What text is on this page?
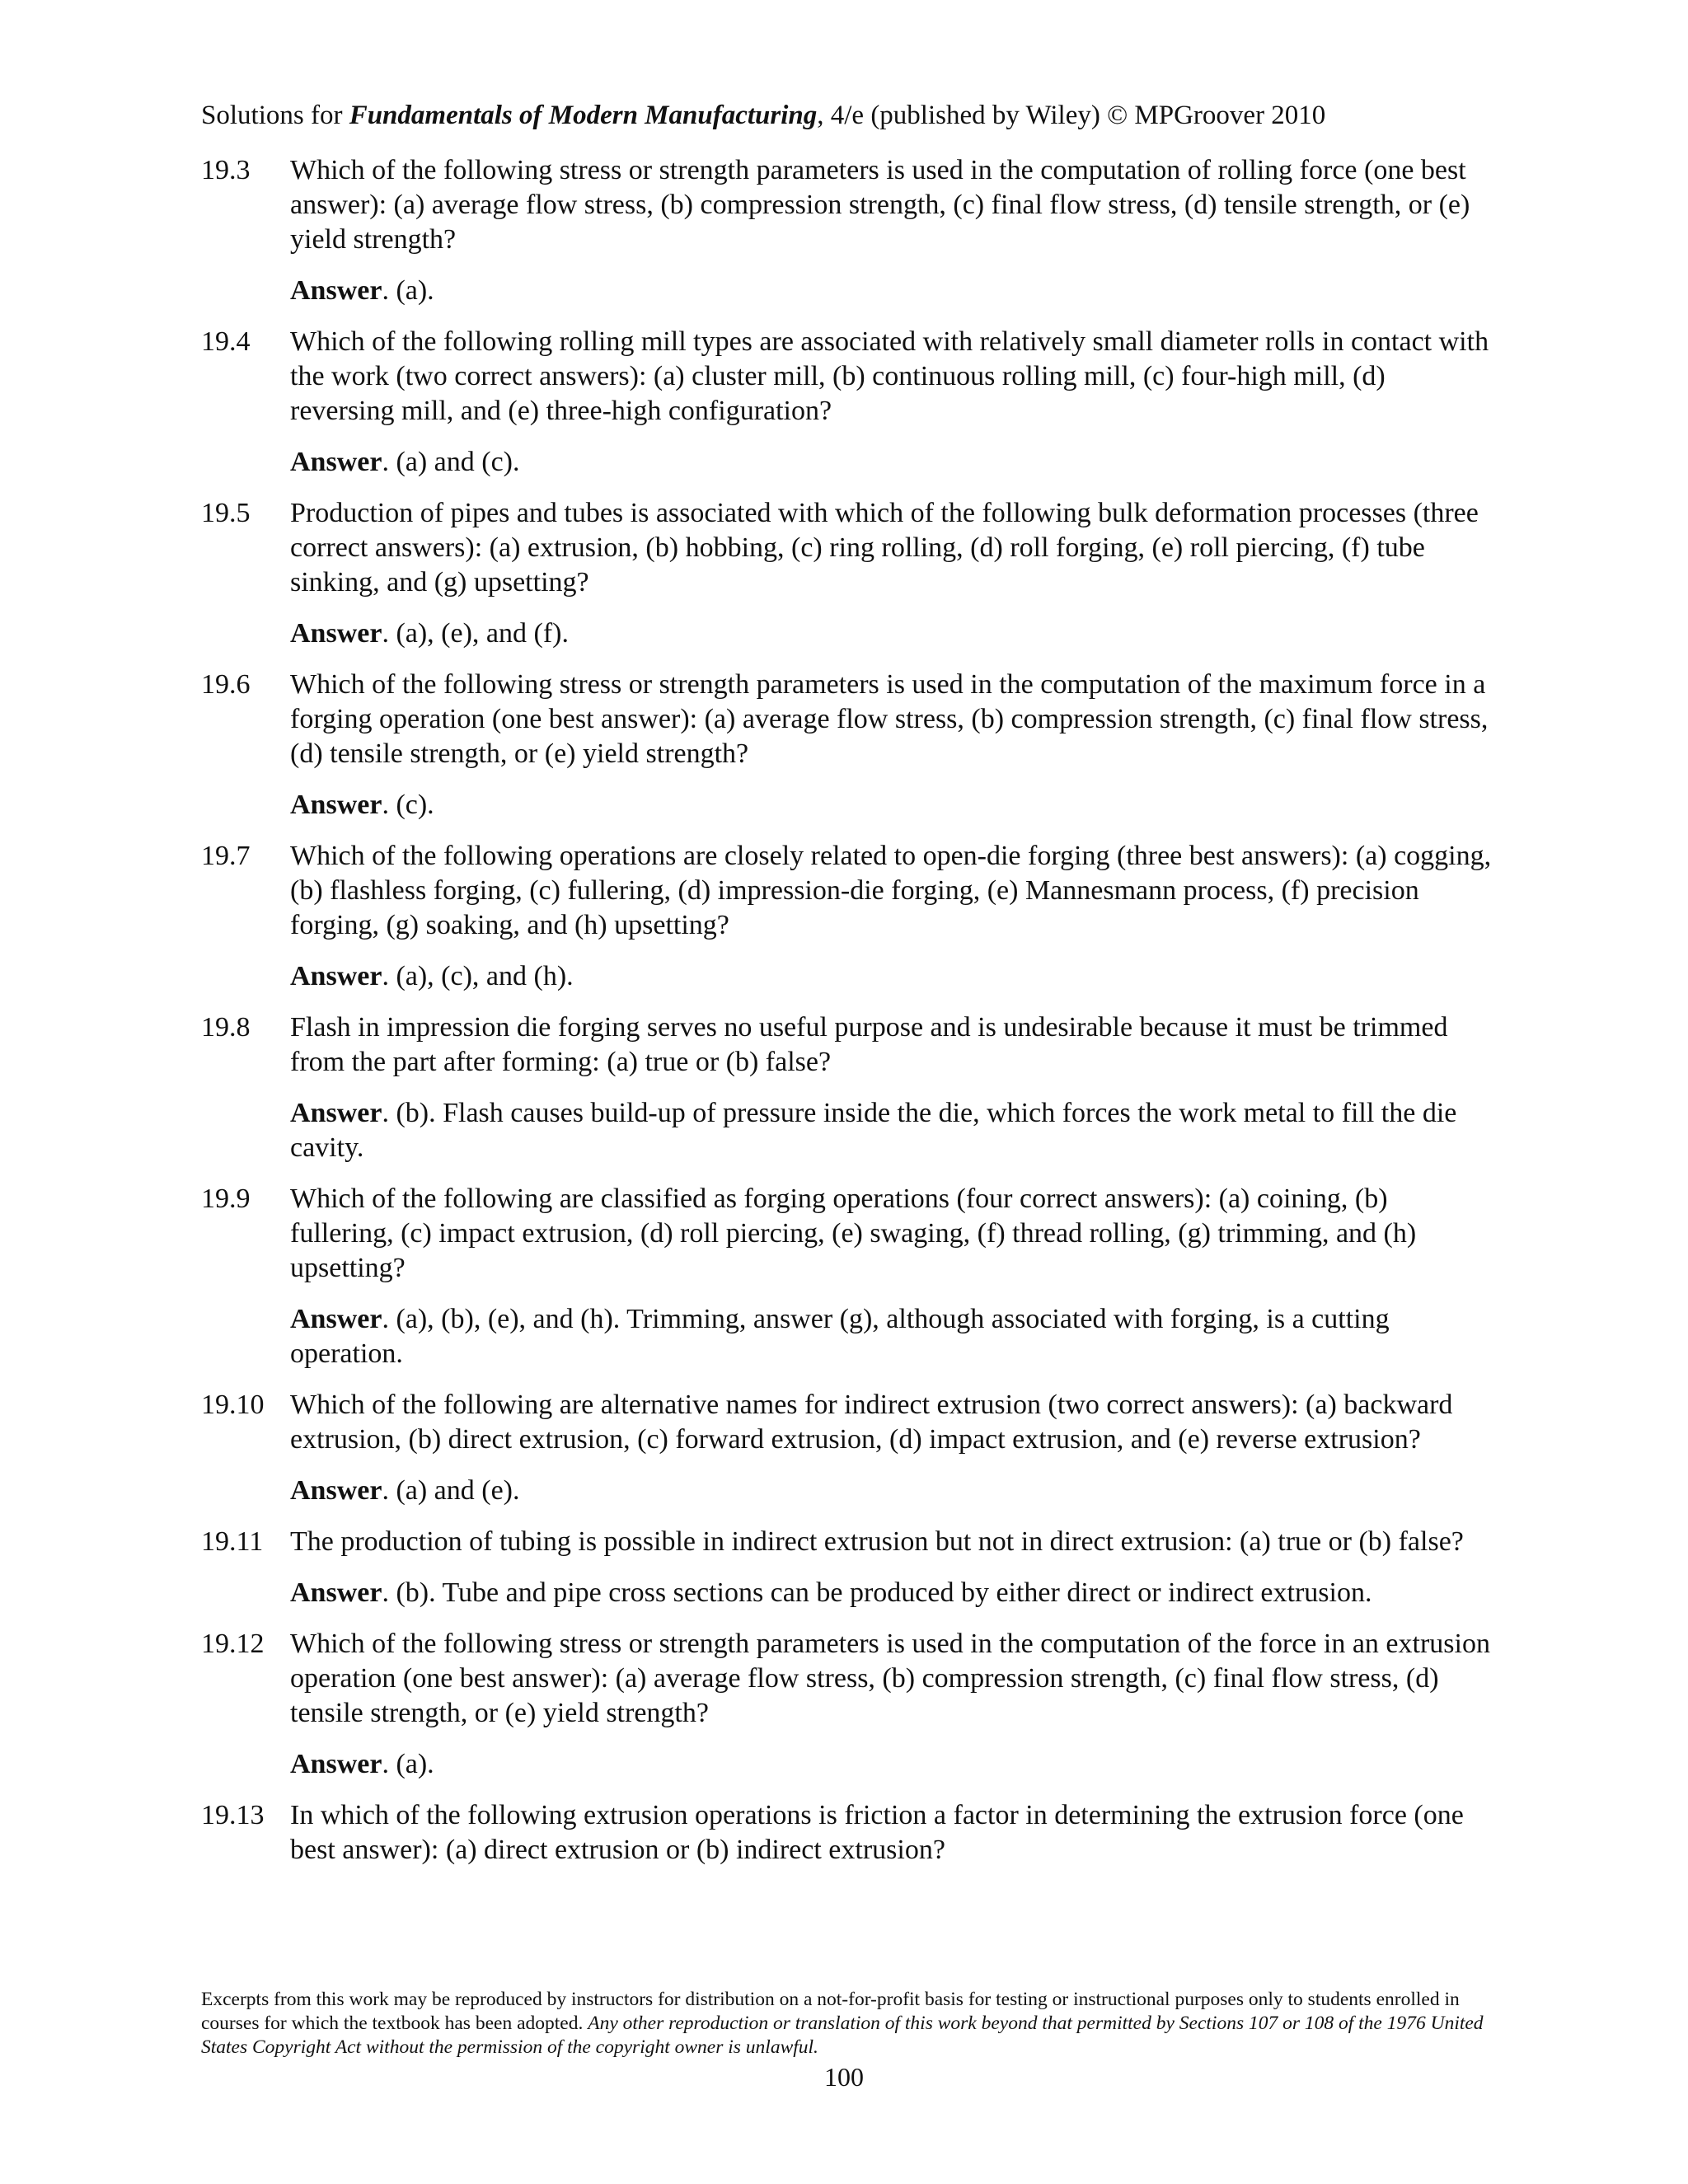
Solutions for Fundamentals of Modern Manufacturing, 4/e (published by Wiley) © MPGroover 2010
19.3 Which of the following stress or strength parameters is used in the computation of rolling force (one best answer): (a) average flow stress, (b) compression strength, (c) final flow stress, (d) tensile strength, or (e) yield strength?

Answer. (a).

19.4 Which of the following rolling mill types are associated with relatively small diameter rolls in contact with the work (two correct answers): (a) cluster mill, (b) continuous rolling mill, (c) four-high mill, (d) reversing mill, and (e) three-high configuration?

Answer. (a) and (c).

19.5 Production of pipes and tubes is associated with which of the following bulk deformation processes (three correct answers): (a) extrusion, (b) hobbing, (c) ring rolling, (d) roll forging, (e) roll piercing, (f) tube sinking, and (g) upsetting?

Answer. (a), (e), and (f).

19.6 Which of the following stress or strength parameters is used in the computation of the maximum force in a forging operation (one best answer): (a) average flow stress, (b) compression strength, (c) final flow stress, (d) tensile strength, or (e) yield strength?

Answer. (c).

19.7 Which of the following operations are closely related to open-die forging (three best answers): (a) cogging, (b) flashless forging, (c) fullering, (d) impression-die forging, (e) Mannesmann process, (f) precision forging, (g) soaking, and (h) upsetting?

Answer. (a), (c), and (h).

19.8 Flash in impression die forging serves no useful purpose and is undesirable because it must be trimmed from the part after forming: (a) true or (b) false?

Answer. (b). Flash causes build-up of pressure inside the die, which forces the work metal to fill the die cavity.

19.9 Which of the following are classified as forging operations (four correct answers): (a) coining, (b) fullering, (c) impact extrusion, (d) roll piercing, (e) swaging, (f) thread rolling, (g) trimming, and (h) upsetting?

Answer. (a), (b), (e), and (h). Trimming, answer (g), although associated with forging, is a cutting operation.

19.10 Which of the following are alternative names for indirect extrusion (two correct answers): (a) backward extrusion, (b) direct extrusion, (c) forward extrusion, (d) impact extrusion, and (e) reverse extrusion?

Answer. (a) and (e).

19.11 The production of tubing is possible in indirect extrusion but not in direct extrusion: (a) true or (b) false?

Answer. (b). Tube and pipe cross sections can be produced by either direct or indirect extrusion.

19.12 Which of the following stress or strength parameters is used in the computation of the force in an extrusion operation (one best answer): (a) average flow stress, (b) compression strength, (c) final flow stress, (d) tensile strength, or (e) yield strength?

Answer. (a).

19.13 In which of the following extrusion operations is friction a factor in determining the extrusion force (one best answer): (a) direct extrusion or (b) indirect extrusion?

Excerpts from this work may be reproduced by instructors for distribution on a not-for-profit basis for testing or instructional purposes only to students enrolled in courses for which the textbook has been adopted. Any other reproduction or translation of this work beyond that permitted by Sections 107 or 108 of the 1976 United States Copyright Act without the permission of the copyright owner is unlawful.
100
